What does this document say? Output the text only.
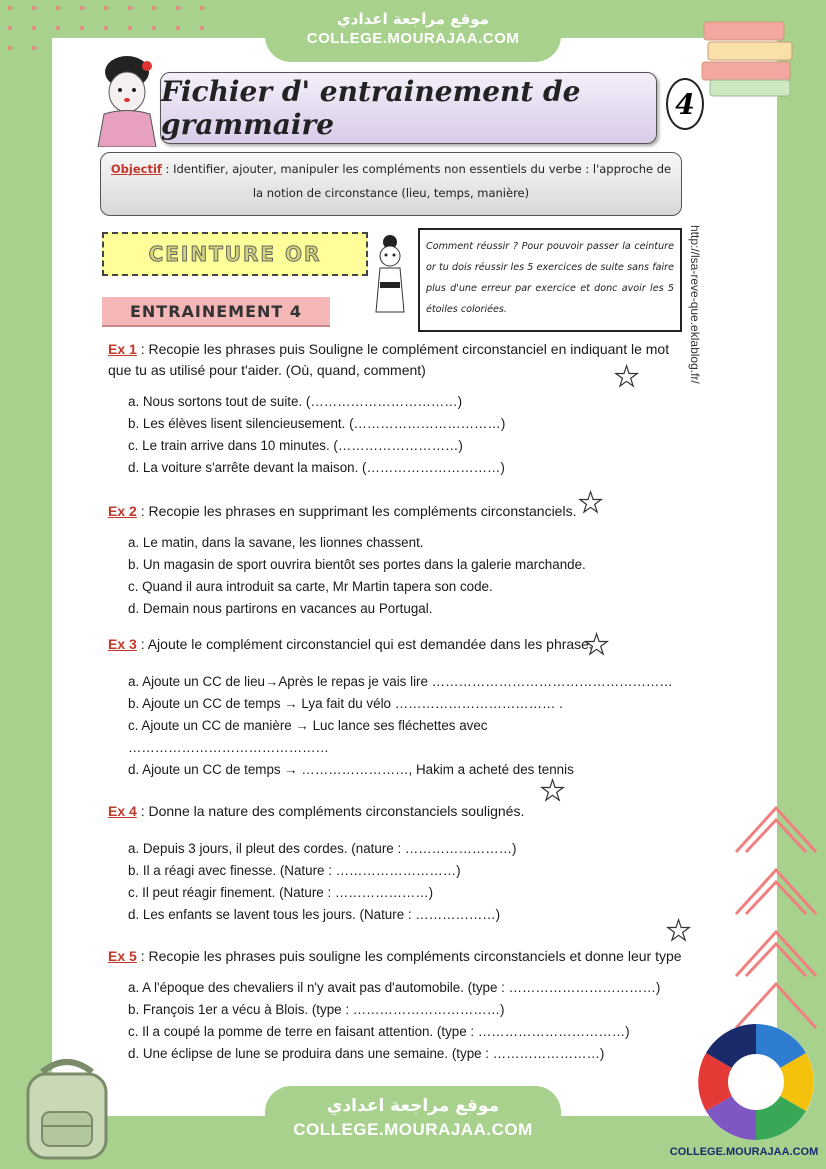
موقع مراجعة اعدادي
COLLEGE.MOURAJAA.COM
Fichier d' entrainement de grammaire
4
Objectif : Identifier, ajouter, manipuler les compléments non essentiels du verbe : l'approche de la notion de circonstance (lieu, temps, manière)
CEINTURE OR	Comment réussir ? Pour pouvoir passer la ceinture or tu dois réussir les 5 exercices de suite sans faire plus d'une erreur par exercice et donc avoir les 5 étoiles coloriées.
ENTRAINEMENT 4	http://lsa-reve-que.eklablog.fr/
Ex 1 : Recopie les phrases puis Souligne le complément circonstanciel en indiquant le mot que tu as utilisé pour t'aider. (Où, quand, comment)
a. Nous sortons tout de suite. (……………………………)
b. Les élèves lisent silencieusement. (……………………………)
c. Le train arrive dans 10 minutes. (………………………)
d. La voiture s'arrête devant la maison. (…………………………)
Ex 2 : Recopie les phrases en supprimant les compléments circonstanciels.
a. Le matin, dans la savane, les lionnes chassent.
b. Un magasin de sport ouvrira bientôt ses portes dans la galerie marchande.
c. Quand il aura introduit sa carte, Mr Martin tapera son code.
d. Demain nous partirons en vacances au Portugal.
Ex 3 : Ajoute le complément circonstanciel qui est demandée dans les phrases
a. Ajoute un CC de lieu→Après le repas je vais lire ………………………………………………
b. Ajoute un CC de temps → Lya fait du vélo ……………………………… .
c. Ajoute un CC de manière → Luc lance ses fléchettes avec ………………………………………
d. Ajoute un CC de temps → ……………………, Hakim a acheté des tennis
Ex 4 : Donne la nature des compléments circonstanciels soulignés.
a. Depuis 3 jours, il pleut des cordes. (nature : ……………………)
b. Il a réagi avec finesse. (Nature : ………………………)
c. Il peut réagir finement. (Nature : …………………)
d. Les enfants se lavent tous les jours. (Nature : ………………)
Ex 5 : Recopie les phrases puis souligne les compléments circonstanciels et donne leur type
a. A l'époque des chevaliers il n'y avait pas d'automobile. (type : ……………………………)
b. François 1er a vécu à Blois. (type : ……………………………)
c. Il a coupé la pomme de terre en faisant attention. (type : ……………………………)
d. Une éclipse de lune se produira dans une semaine. (type : ……………………)
★
★
★
★
★
موقع مراجعة اعدادي
COLLEGE.MOURAJAA.COM
COLLEGE.MOURAJAA.COM
